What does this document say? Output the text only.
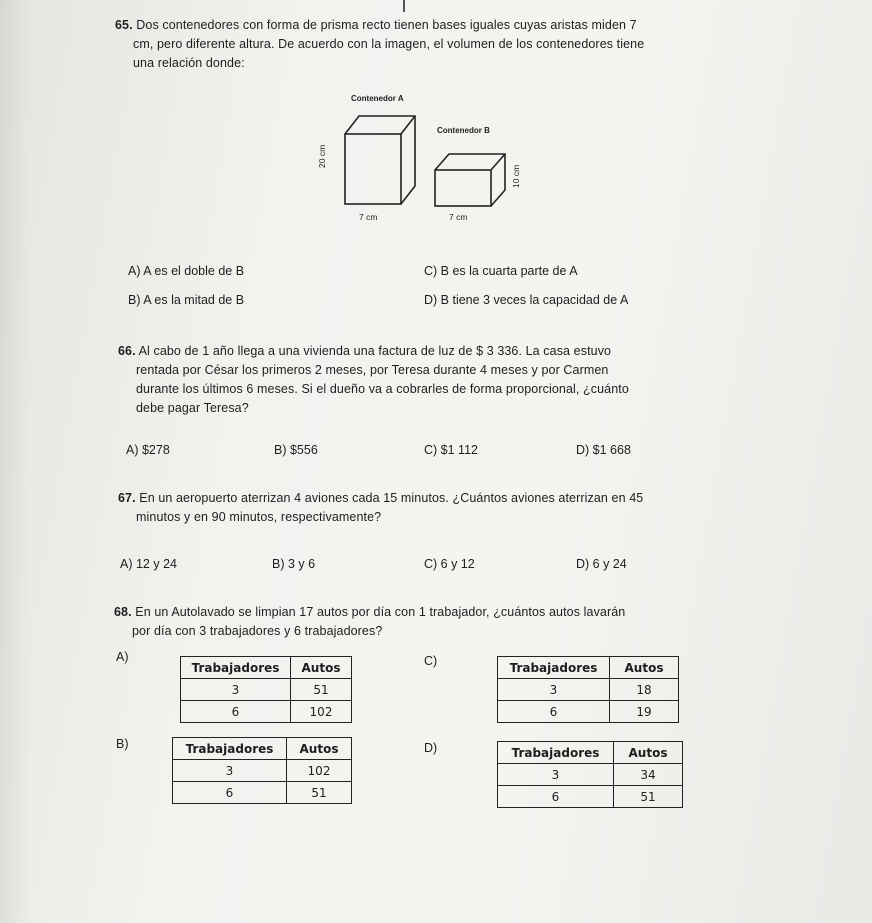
65. Dos contenedores con forma de prisma recto tienen bases iguales cuyas aristas miden 7
cm, pero diferente altura. De acuerdo con la imagen, el volumen de los contenedores tiene
una relación donde:
Contenedor A
Contenedor B
20 cm
10 cm
7 cm	7 cm
A) A es el doble de B	C) B es la cuarta parte de A
B) A es la mitad de B	D) B tiene 3 veces la capacidad de A
66. Al cabo de 1 año llega a una vivienda una factura de luz de $ 3 336. La casa estuvo
rentada por César los primeros 2 meses, por Teresa durante 4 meses y por Carmen
durante los últimos 6 meses. Si el dueño va a cobrarles de forma proporcional, ¿cuánto
debe pagar Teresa?
A) $278	B) $556	C) $1 112	D) $1 668
67. En un aeropuerto aterrizan 4 aviones cada 15 minutos. ¿Cuántos aviones aterrizan en 45
minutos y en 90 minutos, respectivamente?
A) 12 y 24	B) 3 y 6	C) 6 y 12	D) 6 y 24
68. En un Autolavado se limpian 17 autos por día con 1 trabajador, ¿cuántos autos lavarán
por día con 3 trabajadores y 6 trabajadores?
A)
Trabajadores	Autos
3	51
6	102
C)	Trabajadores	Autos
3	18
6	19
B)	Trabajadores	Autos
3	102
6	51
D)	Trabajadores	Autos
3	34
6	51
